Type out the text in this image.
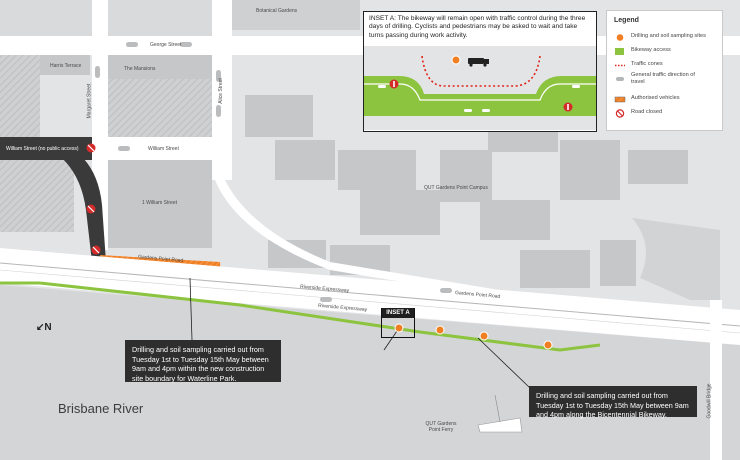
Botanical Gardens
George Street
Harris Terrace	The Mansions
Margaret Street	Alice Street
William Street (no public access)	William Street
1 William Street
Gardens Point Road
Riverside Expressway
Riverside Expressway
Gardens Point Road
QUT Gardens Point Campus
QUT Gardens Point Ferry
Goodwill Bridge
Brisbane River
↙N
INSET A
Drilling and soil sampling carried out from Tuesday 1st to Tuesday 15th May between 9am and 4pm within the new construction site boundary for Waterline Park.
Drilling and soil sampling carried out from Tuesday 1st to Tuesday 15th May between 9am and 4pm along the Bicentennial Bikeway.
INSET A: The bikeway will remain open with traffic control during the three days of drilling. Cyclists and pedestrians may be asked to wait and take turns passing during work activity.
Legend
Drilling and soil sampling sites
Bikeway access
Traffic cones
General traffic direction of travel
Authorised vehicles
Road closed
